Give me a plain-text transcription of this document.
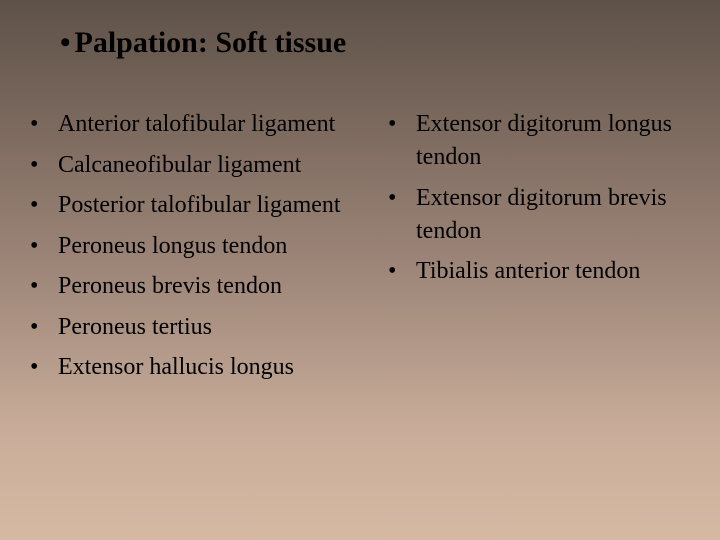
• Palpation: Soft tissue
• Anterior talofibular ligament
• Calcaneofibular ligament
• Posterior talofibular ligament
• Peroneus longus tendon
• Peroneus brevis tendon
• Peroneus tertius
• Extensor hallucis longus
• Extensor digitorum longus tendon
• Extensor digitorum brevis tendon
• Tibialis anterior tendon
